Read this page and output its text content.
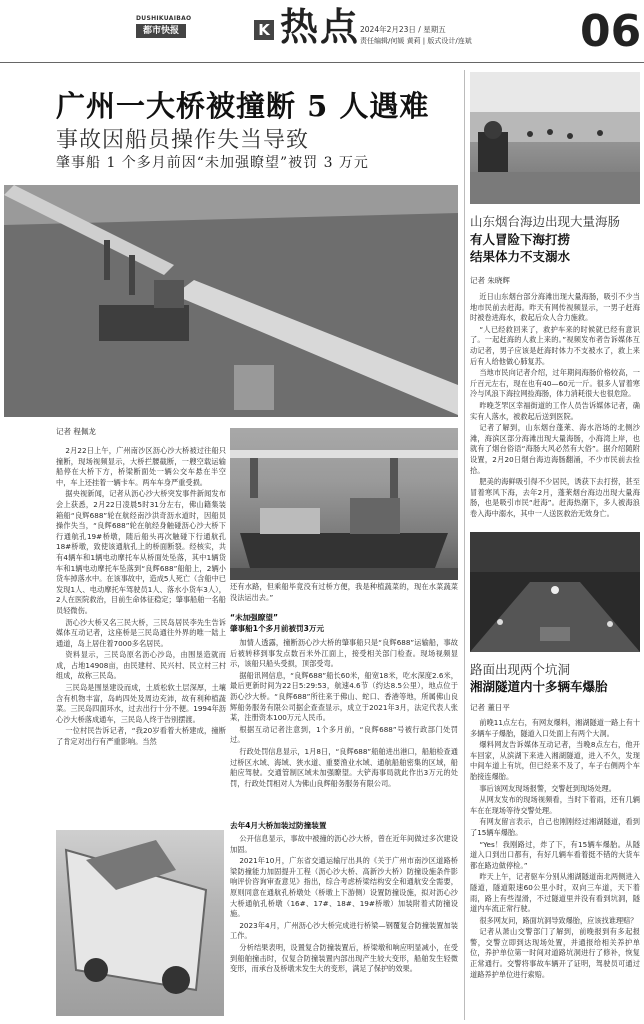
DUSHIKUAIBAO
都市快报	K 热点 2024年2月23日 / 星期五
责任编辑/何媛 黄莉 | 版式设计/连斌 06
广州一大桥被撞断 5 人遇难
事故因船员操作失当导致
肇事船 1 个多月前因“未加强瞭望”被罚 3 万元
记者 程佩龙

2月22日上午，广州南沙区沥心沙大桥被过往船只撞断，现场视频显示，大桥拦腰截断，一艘空载运输船停在大桥下方，桥梁断面处一辆公交车悬在半空中，车上还挂着一辆卡车。两车车身严重受损。

据央视新闻，记者从沥心沙大桥突发事件新闻发布会上获悉，2月22日凌晨5时31分左右，佛山籍集装箱船“良辉688”轮在航经南沙洪奇沥水道时，因船员操作失当，“良辉688”轮在航经身触碰沥心沙大桥下行通航孔19#桥墩，随后船头再次触碰下行通航孔18#桥墩，致使该通航孔上的桥面断裂。经核实，共有4辆车和1辆电动摩托车从桥面处坠落，其中1辆货车和1辆电动摩托车坠落到“良辉688”船船上，2辆小货车掉落水中。在该事故中，造成5人死亡（含船中已发现1人、电动摩托车驾驶员1人、落水小货车3人），2人在医院救治，目前生命体征稳定；肇事船舶一名船员轻微伤。

沥心沙大桥又名三民大桥，三民岛居民李先生告诉媒体互动记者，这座桥是三民岛通往外界的唯一陆上通道，岛上居住着7000多名居民。

资料显示，三民岛原名沥心沙岛，由围垦造就而成，占地14908亩，由民建村、民兴村、民立村三村组成，故称三民岛。

三民岛是围垦建设而成，土质松软土层深厚，土壤含有机物丰富，岛屿四处及周边充沛，故有利种植蔬菜。三民岛四面环水，过去出行十分不便。1994年沥心沙大桥落成通车，三民岛人终于告别摆渡。

一位村民告诉记者，“我20岁看着大桥建成，撞断了肯定对出行有严重影响。当然

还有水路，但乘船毕竟没有过桥方便，我是种植蔬菜的，现在水菜蔬菜没法运出去。”
“未加强瞭望”
肇事船1个多月前被罚3万元

加情人透露，撞断沥心沙大桥的肇事船只是“良辉688”运输船，事故后被转移到事发点数百米外江面上，接受相关部门检查。现场视频显示，该船只船头受损，顶部受弯。

据船讯网信息，“良辉688”船长60米，船宽18米，吃水深度2.6米，最后更新时间为22日5:29:53，航速4.6节（约达8.5公里），地点位于沥心沙大桥。“良辉688”所往来于佛山、蛇口、香港等地，所属佛山良辉船务服务有限公司据企查查显示，成立于2021年3月，法定代表人张某，注册资本100万元人民币。

根据互动记者注意到，1个多月前，“良辉688”号被行政部门处罚过。

行政处罚信息显示，1月8日，“良辉688”船舶进出港口，船舶检查通过桥区水域、海域、狭水道、重要渔业水域、通航船舶密集的区域，船舶应驾驶。交通管制区域未加强瞭望。大铲海事局就此作出3万元的处罚，行政处罚相对人为佛山良辉船务服务有限公司。

去年4月大桥加装过防撞装置

公开信息显示，事故中被撞的沥心沙大桥，曾在近年间做过多次建设加固。

2021年10月，广东省交通运输厅出具的《关于广州市南沙区道路桥梁防撞能力加固提升工程（沥心沙大桥、高新沙大桥）防撞设施条件影响评价咨询审查意见》指出，综合考虑桥梁结构安全和通航安全需要，原则同意在通航孔桥墩处（桥墩上下游侧）设置防撞设施，拟对沥心沙大桥通航孔桥墩（16#、17#、18#、19#桥墩）加装附着式防撞设施。

2023年4月，广州沥心沙大桥完成进行桥梁—钢覆复合防撞装置加装工作。

分析结果表明，设置复合防撞装置后，桥梁墩和响应明显减小，在受到船舶撞击时，仅复合防撞装置内部出现产生较大变形，船舶发生轻微变形，而承台及桥墩未发生大的变形，满足了保护的效果。

山东烟台海边出现大量海肠
有人冒险下海打捞
结果体力不支溺水
记者 朱晓辉

近日山东烟台部分海滩出现大量海肠，吸引不少当地市民前去赶海。昨天有网传视频显示，一男子赶海时被卷进海水，救起后众人合力施救。

“人已经救回来了，救护车来的时候就已经有意识了。一起赶海的人救上来的。”视频发布者告诉媒体互动记者，男子应该是赶海时体力不支被水了，救上来后有人给他做心肺复苏。

当地市民向记者介绍，过年期间海肠价格较高，一斤百元左右，现在也有40—60元一斤。很多人冒着寒冷与风浪下海拉网捡海肠，体力消耗很大也很危险。

昨晚芝罘区幸福街道的工作人员告诉媒体记者，确实有人落水，被救起后送到医院。

记者了解到，山东烟台蓬莱、海水浴场的北侧沙滩，海滨区部分海滩出现大量海肠，小海湾上岸，也就有了烟台俗语“海肠大风必然有大俗”。据介绍随附设置，2月20日烟台海边海肠翻涌，不少市民前去捡拾。

肥美的海鲜吸引得不少居民，诱获下去打捞，甚至冒着寒风下海，去年2月，蓬莱烟台海边出现大量海肠，也是吸引市民“赶海”。赶海热潮下，多人被海浪卷入海中溺水，其中一人送医救治无效身亡。

路面出现两个坑洞
湘湖隧道内十多辆车爆胎
记者 董日平

前晚11点左右，有网友爆料，湘湖隧道一路上有十多辆车子爆胎，隧道入口处面上有两个大洞。

爆料网友告诉媒体互动记者，当晚8点左右，他开车回家，从滨湖下来进入湘湖隧道，进入不久，发现中间车道上有坑，但已经来不及了，车子右侧两个车胎接连爆胎。

事后该网友现场报警，交警赶到现场处理。

从网友发布的现场视频看，当时下着雨，还有几辆车在在现场等待交警处理。

有网友留言表示，自己也刚刚经过湘湖隧道，看到了15辆车爆胎。

“Yes！我刚路过，炸了下，有15辆车爆胎。从隧道入口到出口都有，有好几辆车看着挺不错的大货车都在路边做停检。”

昨天上午，记者驱车分别从湘湖隧道南北两侧进入隧道，隧道限速60公里小时，双向三车道，天下着雨，路上有些湿滑，不过隧道里并没有看到坑洞，隧道内车流正常行驶。

很多网友问，路面坑洞导致爆胎，应该找谁理赔？

记者从萧山交警部门了解到，前晚报到有多起报警，交警立即到达现场处置，并通报给相关养护单位，养护单位第一时间对道路坑洞进行了修补，恢复正常通行。交警将事故车辆开了证明，驾驶员可通过道路养护单位进行索赔。
